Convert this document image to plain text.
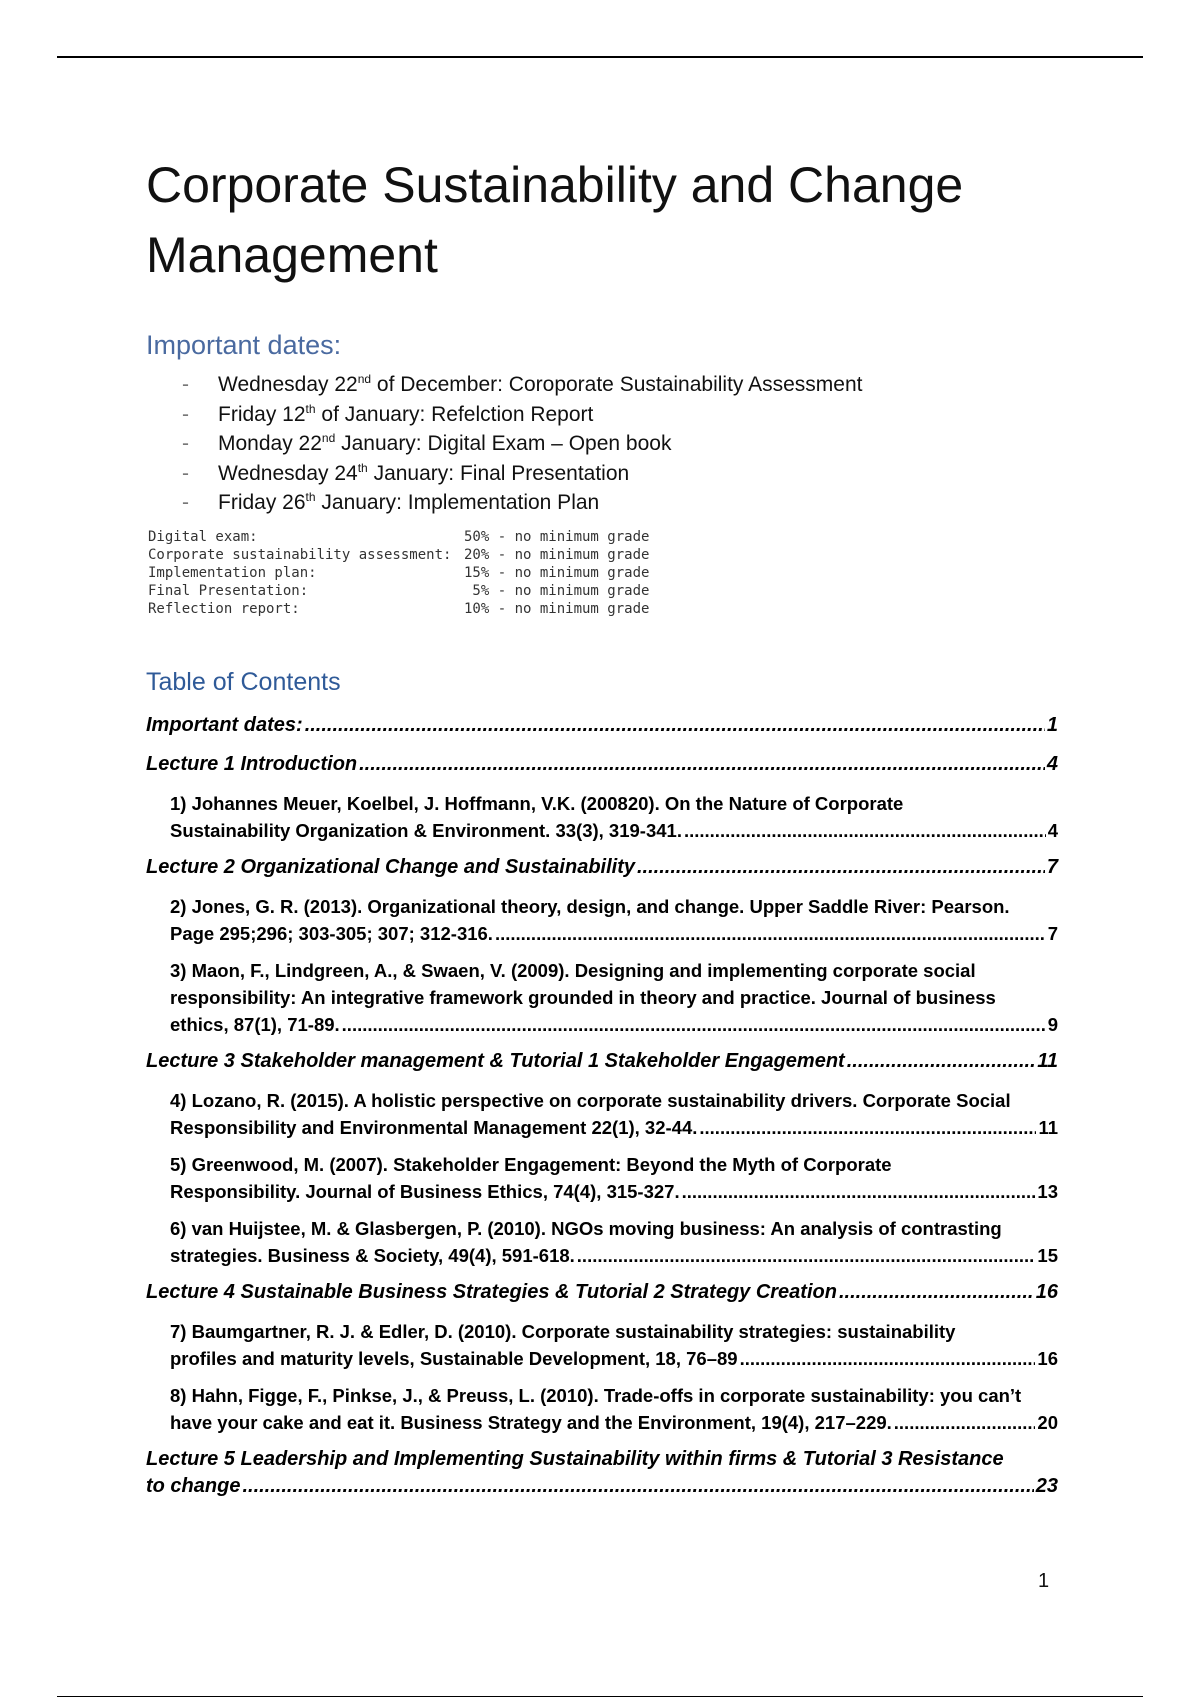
Corporate Sustainability and Change
Management
Important dates:
- Wednesday 22nd of December: Coroporate Sustainability Assessment
- Friday 12th of January: Refelction Report
- Monday 22nd January: Digital Exam – Open book
- Wednesday 24th January: Final Presentation
- Friday 26th January: Implementation Plan
Digital exam:	50% - no minimum grade
Corporate sustainability assessment: 20% - no minimum grade
Implementation plan:	15% - no minimum grade
Final Presentation:	5% - no minimum grade
Reflection report:	10% - no minimum grade
Table of Contents
Important dates: .....	1
Lecture 1 Introduction .....	4
1) Johannes Meuer, Koelbel, J. Hoffmann, V.K. (200820). On the Nature of Corporate
Sustainability Organization & Environment. 33(3), 319-341. .....	4
Lecture 2 Organizational Change and Sustainability .....	7
2) Jones, G. R. (2013). Organizational theory, design, and change. Upper Saddle River: Pearson.
Page 295;296; 303-305; 307; 312-316. .....	7
3) Maon, F., Lindgreen, A., & Swaen, V. (2009). Designing and implementing corporate social
responsibility: An integrative framework grounded in theory and practice. Journal of business
ethics, 87(1), 71-89. .....	9
Lecture 3 Stakeholder management & Tutorial 1 Stakeholder Engagement .....	11
4) Lozano, R. (2015). A holistic perspective on corporate sustainability drivers. Corporate Social
Responsibility and Environmental Management 22(1), 32-44. .....	11
5) Greenwood, M. (2007). Stakeholder Engagement: Beyond the Myth of Corporate
Responsibility. Journal of Business Ethics, 74(4), 315-327. .....	13
6) van Huijstee, M. & Glasbergen, P. (2010). NGOs moving business: An analysis of contrasting
strategies. Business & Society, 49(4), 591-618. .....	15
Lecture 4 Sustainable Business Strategies & Tutorial 2 Strategy Creation .....	16
7) Baumgartner, R. J. & Edler, D. (2010). Corporate sustainability strategies: sustainability
profiles and maturity levels, Sustainable Development, 18, 76–89 .....	16
8) Hahn, Figge, F., Pinkse, J., & Preuss, L. (2010). Trade-offs in corporate sustainability: you can’t
have your cake and eat it. Business Strategy and the Environment, 19(4), 217–229. .....	20
Lecture 5 Leadership and Implementing Sustainability within firms & Tutorial 3 Resistance
to change .....	23
1
